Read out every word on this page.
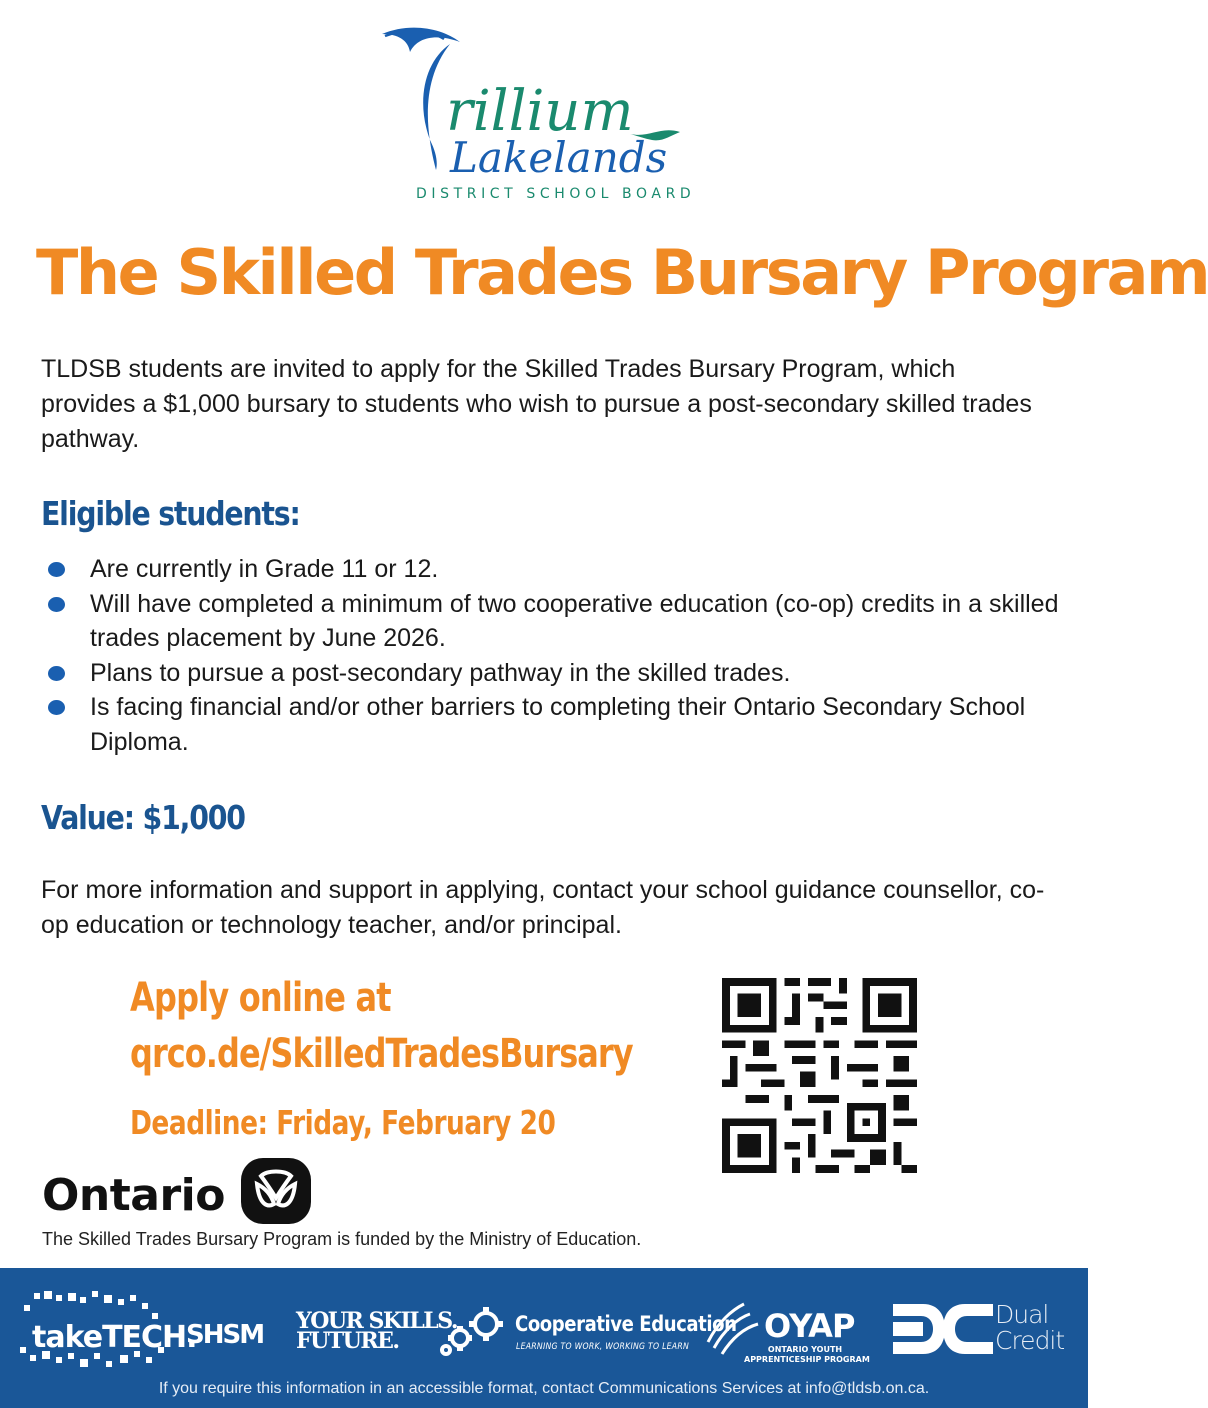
rillium
Lakelands
DISTRICT SCHOOL BOARD
The Skilled Trades Bursary Program

TLDSB students are invited to apply for the Skilled Trades Bursary Program, which provides a $1,000 bursary to students who wish to pursue a post-secondary skilled trades pathway.

Eligible students:
Are currently in Grade 11 or 12.
Will have completed a minimum of two cooperative education (co-op) credits in a skilled trades placement by June 2026.
Plans to pursue a post-secondary pathway in the skilled trades.
Is facing financial and/or other barriers to completing their Ontario Secondary School Diploma.
Value: $1,000

For more information and support in applying, contact your school guidance counsellor, co-op education or technology teacher, and/or principal.

Apply online at
qrco.de/SkilledTradesBursary
Deadline: Friday, February 20
Ontario
The Skilled Trades Bursary Program is funded by the Ministry of Education.
takeTECH.
SHSM YOUR SKILLS.
FUTURE.
Cooperative Education
LEARNING TO WORK, WORKING TO LEARN
OYAP
ONTARIO YOUTH
APPRENTICESHIP PROGRAM
Dual
Credit
If you require this information in an accessible format, contact Communications Services at info@tldsb.on.ca.
